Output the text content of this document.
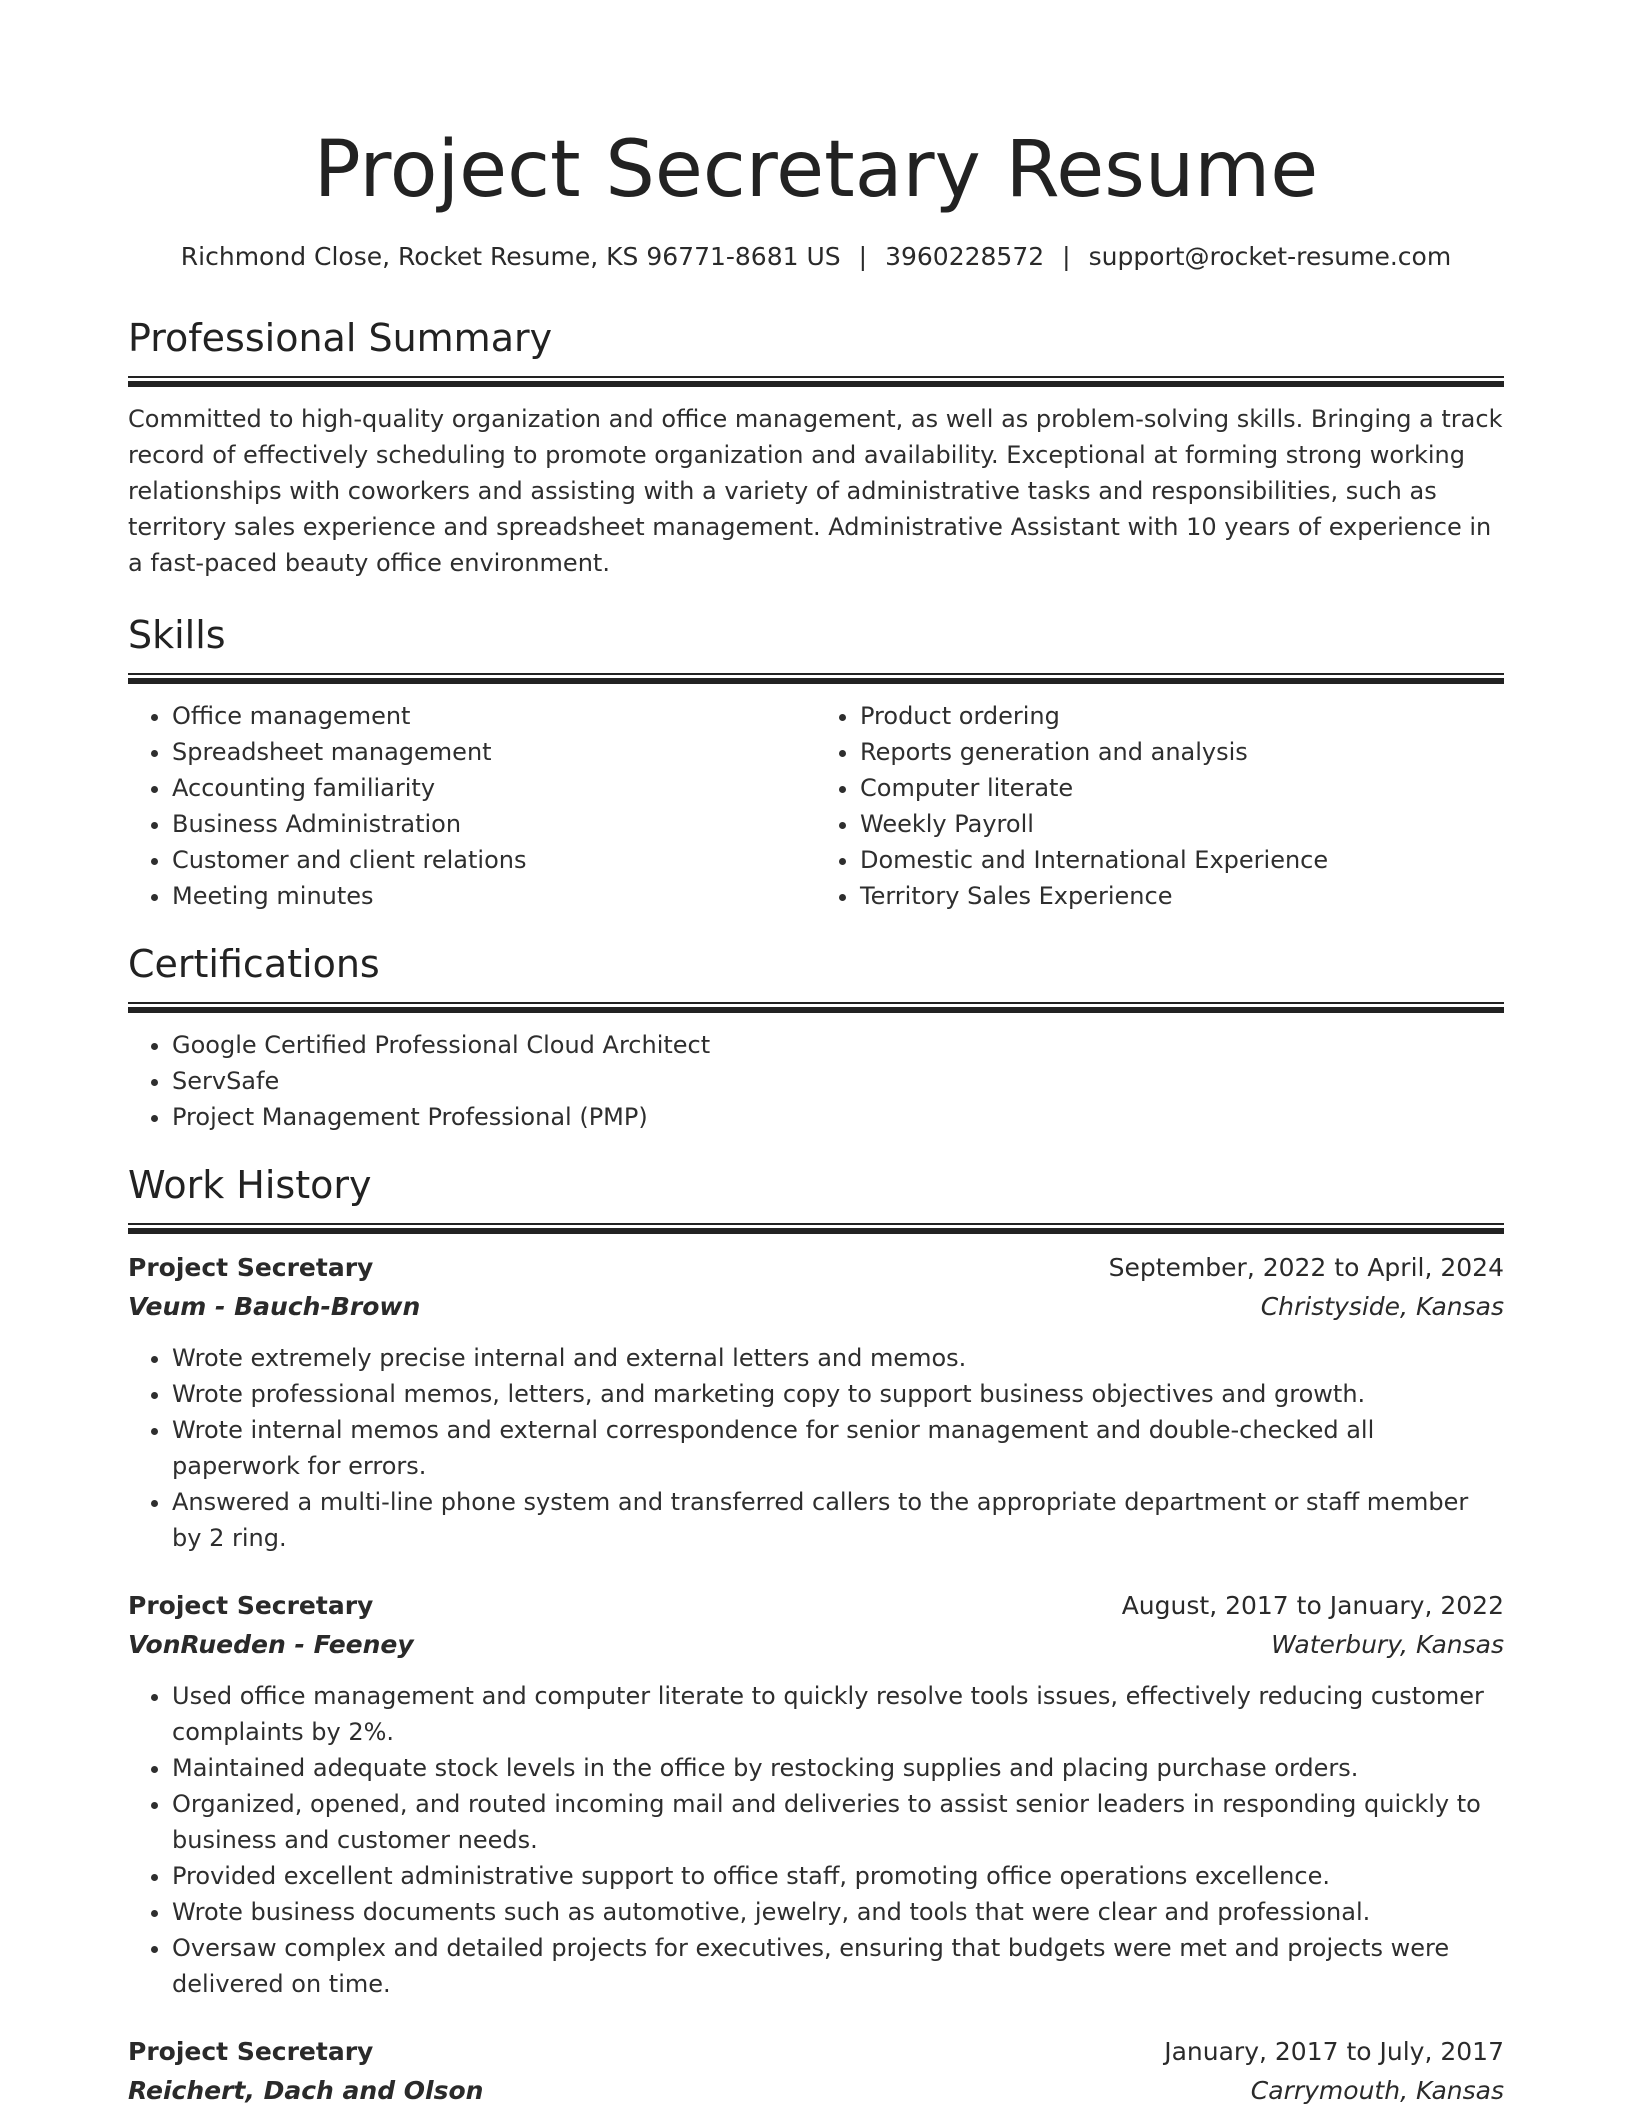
Project Secretary Resume
Richmond Close, Rocket Resume, KS 96771-8681 US | 3960228572 | support@rocket-resume.com
Professional Summary

Committed to high-quality organization and office management, as well as problem-solving skills. Bringing a track record of effectively scheduling to promote organization and availability. Exceptional at forming strong working relationships with coworkers and assisting with a variety of administrative tasks and responsibilities, such as territory sales experience and spreadsheet management. Administrative Assistant with 10 years of experience in a fast-paced beauty office environment.

Skills
• Office management
• Spreadsheet management
• Accounting familiarity
• Business Administration
• Customer and client relations
• Meeting minutes
• Product ordering
• Reports generation and analysis
• Computer literate
• Weekly Payroll
• Domestic and International Experience
• Territory Sales Experience
Certifications
• Google Certified Professional Cloud Architect
• ServSafe
• Project Management Professional (PMP)
Work History
Project Secretary	September, 2022 to April, 2024
Veum - Bauch-Brown	Christyside, Kansas
• Wrote extremely precise internal and external letters and memos.
• Wrote professional memos, letters, and marketing copy to support business objectives and growth.
• Wrote internal memos and external correspondence for senior management and double-checked all paperwork for errors.
• Answered a multi-line phone system and transferred callers to the appropriate department or staff member by 2 ring.
Project Secretary	August, 2017 to January, 2022
VonRueden - Feeney	Waterbury, Kansas
• Used office management and computer literate to quickly resolve tools issues, effectively reducing customer complaints by 2%.
• Maintained adequate stock levels in the office by restocking supplies and placing purchase orders.
• Organized, opened, and routed incoming mail and deliveries to assist senior leaders in responding quickly to business and customer needs.
• Provided excellent administrative support to office staff, promoting office operations excellence.
• Wrote business documents such as automotive, jewelry, and tools that were clear and professional.
• Oversaw complex and detailed projects for executives, ensuring that budgets were met and projects were delivered on time.
Project Secretary	January, 2017 to July, 2017
Reichert, Dach and Olson	Carrymouth, Kansas
